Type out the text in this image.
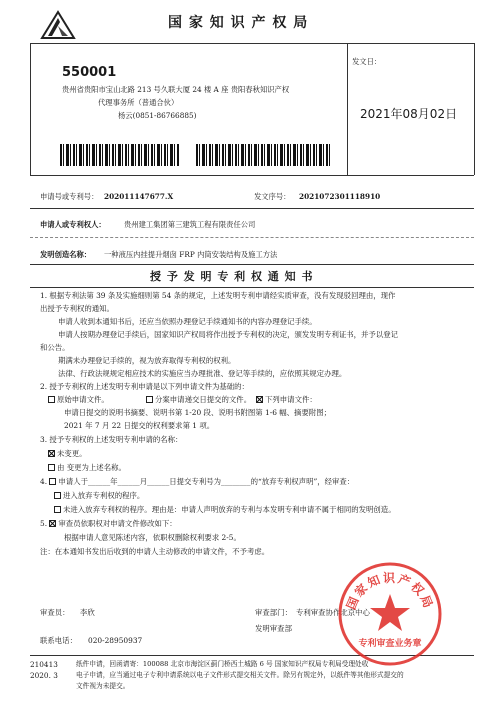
国 家 知 识 产 权 局
550001
贵州省贵阳市宝山北路 213 号久联大厦 24 楼 A 座 贵阳春秋知识产权
代理事务所（普通合伙）
杨云(0851-86766885)
发文日：
2021年08月02日
申请号或专利号： 202011147677.X	发文序号： 2021072301118910
申请人或专利权人：	贵州建工集团第三建筑工程有限责任公司
发明创造名称： 一种液压内挂提升烟囱 FRP 内筒安装结构及施工方法
授 予 发 明 专 利 权 通 知 书
1. 根据专利法第 39 条及实施细则第 54 条的规定，上述发明专利申请经实质审查，没有发现驳回理由，现作
出授予专利权的通知。
申请人收到本通知书后，还应当依照办理登记手续通知书的内容办理登记手续。
申请人按期办理登记手续后，国家知识产权局将作出授予专利权的决定，颁发发明专利证书，并予以登记
和公告。
期满未办理登记手续的，视为放弃取得专利权的权利。
法律、行政法规规定相应技术的实施应当办理批准、登记等手续的，应依照其规定办理。
2. 授予专利权的上述发明专利申请是以下列申请文件为基础的：
原始申请文件。	分案申请递交日提交的文件。	下列申请文件：
申请日提交的说明书摘要、说明书第 1-20 段、说明书附图第 1-6 幅、摘要附图；
2021 年 7 月 22 日提交的权利要求第 1 项。
3. 授予专利权的上述发明专利申请的名称：
未变更。
由 变更为上述名称。
4. 申请人于______年______月______日提交专利号为________的“放弃专利权声明”，经审查：
进入放弃专利权的程序。
未进入放弃专利权的程序。理由是：申请人声明放弃的专利与本发明专利申请不属于相同的发明创造。
5. 审查员依职权对申请文件修改如下：
根据申请人意见陈述内容，依职权删除权利要求 2-5。
注：在本通知书发出后收到的申请人主动修改的申请文件，不予考虑。
审查员： 李欣	审查部门： 专利审查协作北京中心
发明审查部
联系电话： 020-28950937
210413
2020. 3
纸件申请，回函请寄：100088 北京市海淀区蓟门桥西土城路 6 号 国家知识产权局专利局受理处收
电子申请，应当通过电子专利申请系统以电子文件形式提交相关文件。除另有规定外，以纸件等其他形式提交的
文件视为未提交。
国家知识产权局
专利审查业务章
